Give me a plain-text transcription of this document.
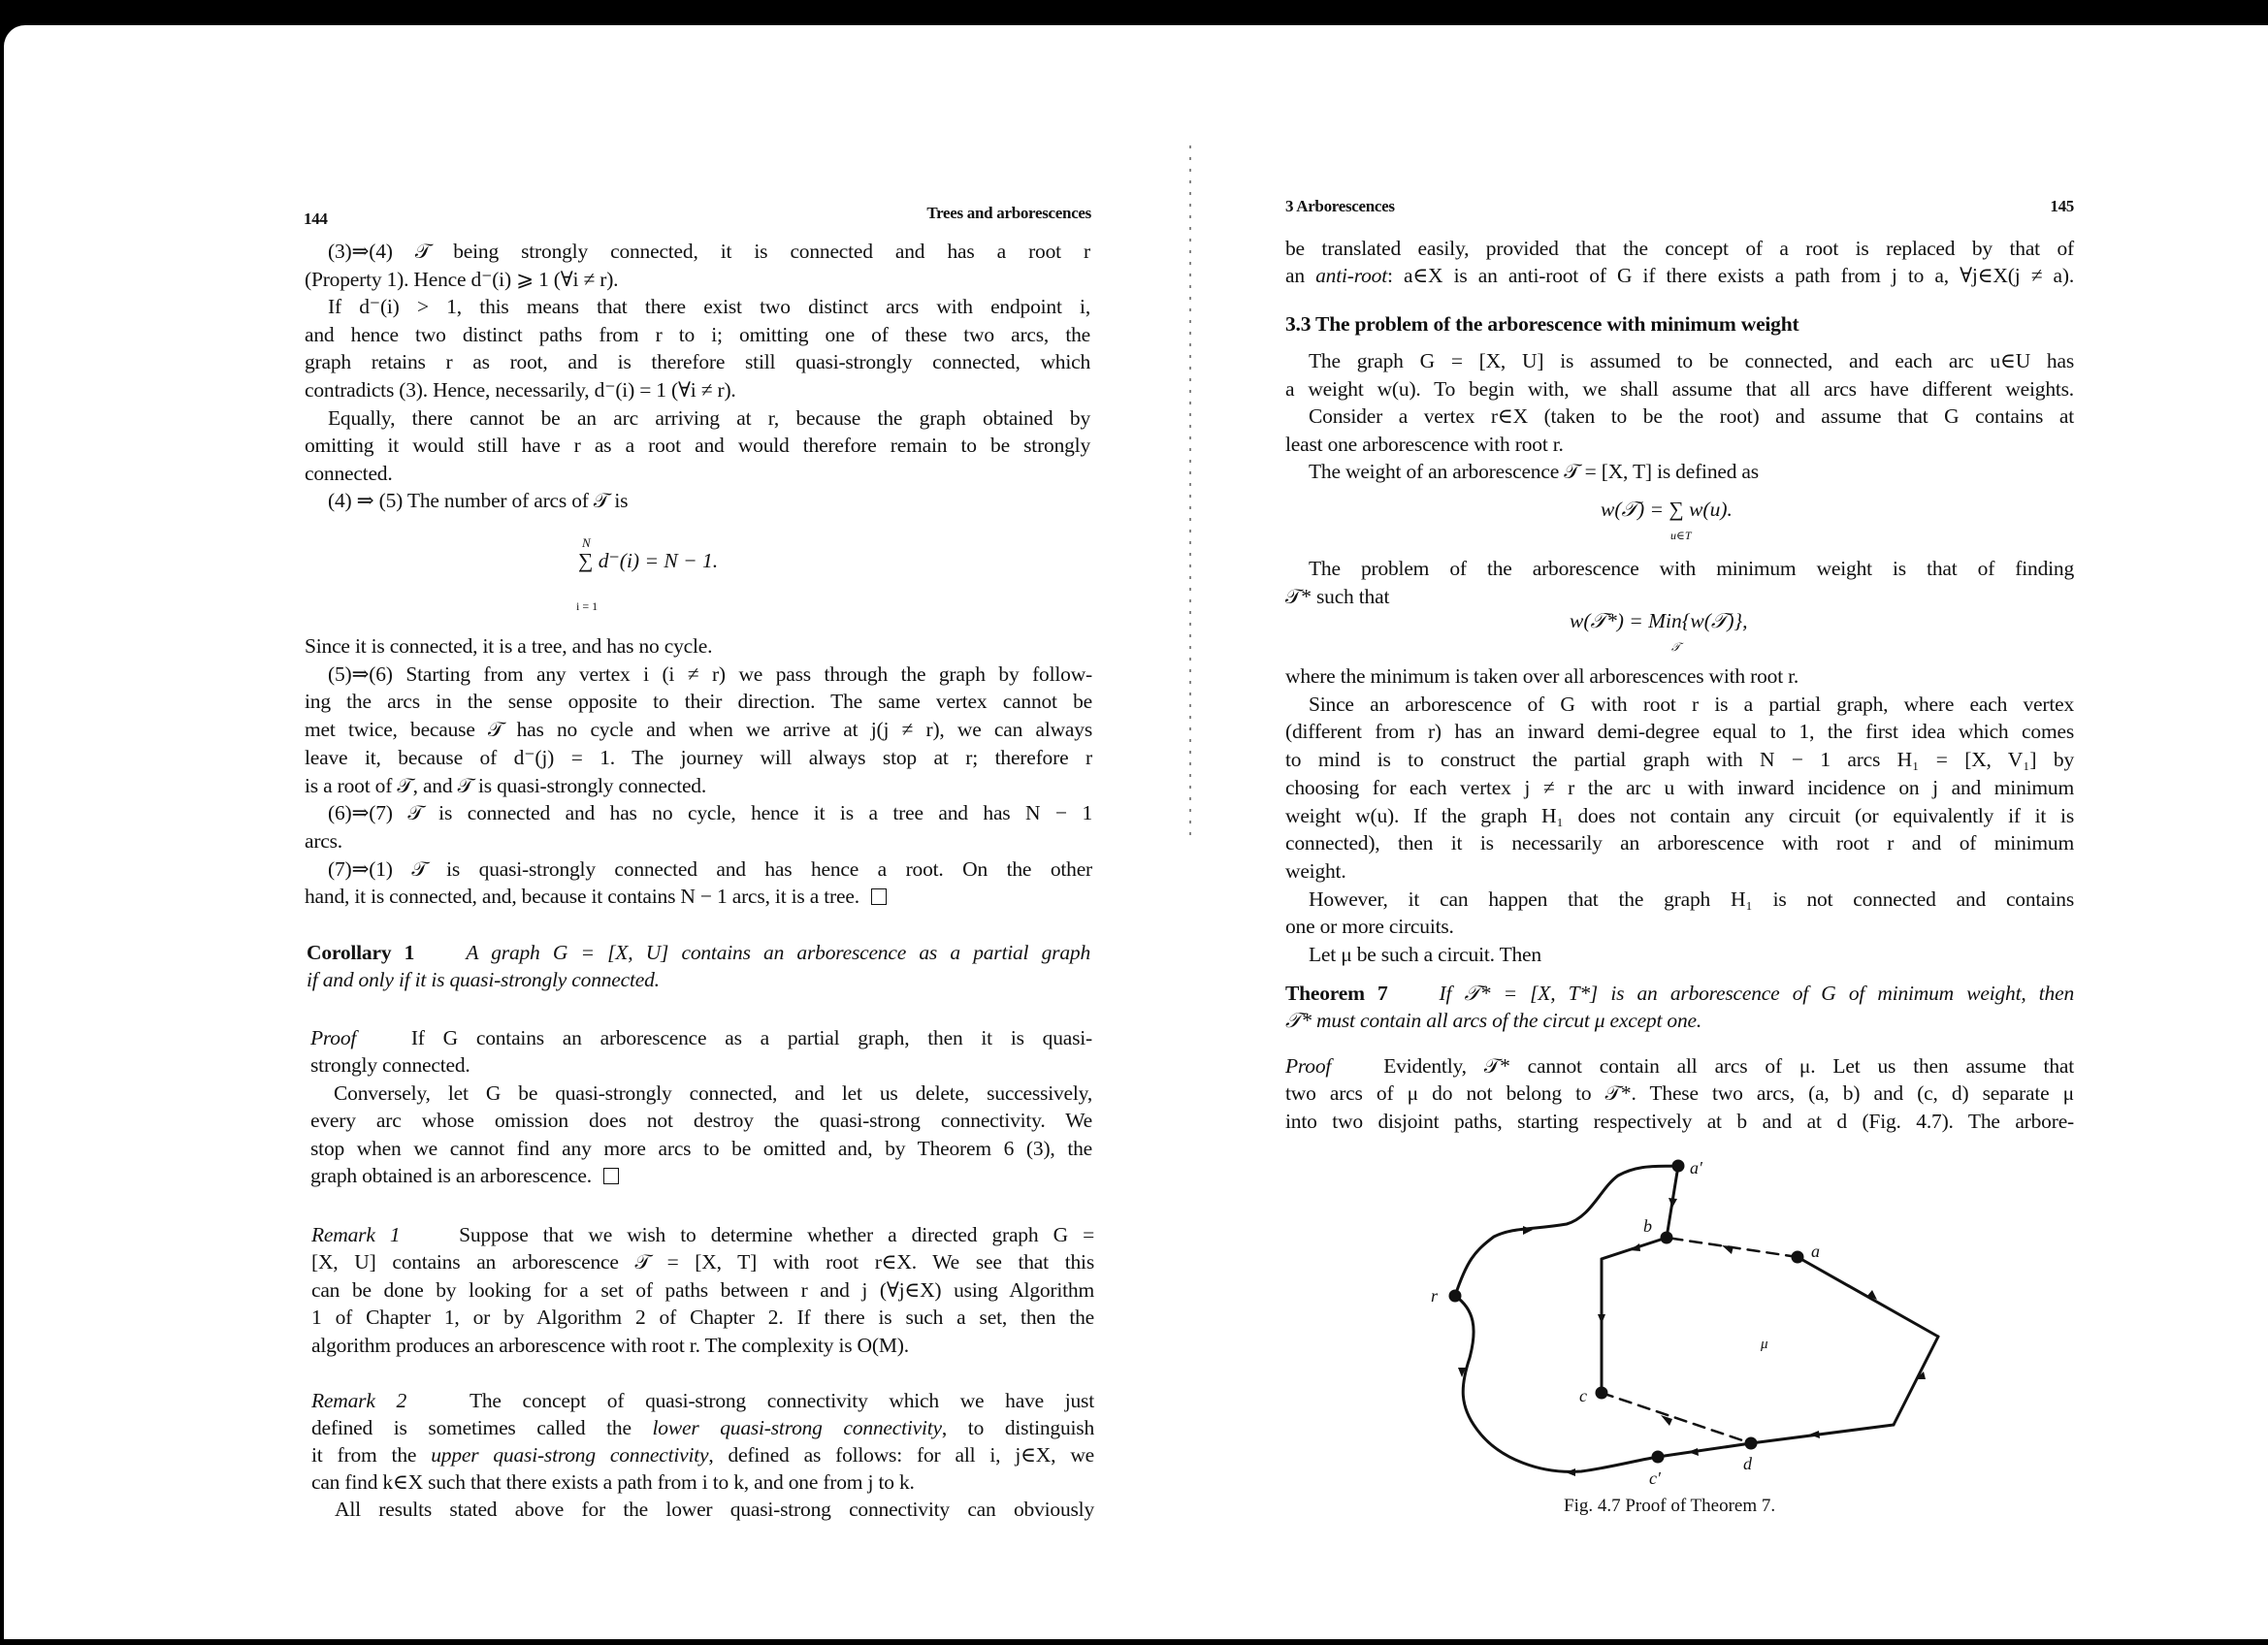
144	Trees and arborescences
(3)⇒(4) 𝒯 being strongly connected, it is connected and has a root r
(Property 1). Hence d⁻(i) ⩾ 1 (∀i ≠ r).
If d⁻(i) > 1, this means that there exist two distinct arcs with endpoint i,
and hence two distinct paths from r to i; omitting one of these two arcs, the
graph retains r as root, and is therefore still quasi-strongly connected, which
contradicts (3). Hence, necessarily, d⁻(i) = 1 (∀i ≠ r).
Equally, there cannot be an arc arriving at r, because the graph obtained by
omitting it would still have r as a root and would therefore remain to be strongly
connected.
(4) ⇒ (5) The number of arcs of 𝒯 is
N
∑ d⁻(i) = N − 1.
i = 1
Since it is connected, it is a tree, and has no cycle.
(5)⇒(6) Starting from any vertex i (i ≠ r) we pass through the graph by follow-
ing the arcs in the sense opposite to their direction. The same vertex cannot be
met twice, because 𝒯 has no cycle and when we arrive at j(j ≠ r), we can always
leave it, because of d⁻(j) = 1. The journey will always stop at r; therefore r
is a root of 𝒯, and 𝒯 is quasi-strongly connected.
(6)⇒(7) 𝒯 is connected and has no cycle, hence it is a tree and has N − 1
arcs.
(7)⇒(1) 𝒯 is quasi-strongly connected and has hence a root. On the other
hand, it is connected, and, because it contains N − 1 arcs, it is a tree.
Corollary 1 A graph G = [X, U] contains an arborescence as a partial graph
if and only if it is quasi-strongly connected.
Proof	If G contains an arborescence as a partial graph, then it is quasi-
strongly connected.
Conversely, let G be quasi-strongly connected, and let us delete, successively,
every arc whose omission does not destroy the quasi-strong connectivity. We
stop when we cannot find any more arcs to be omitted and, by Theorem 6 (3), the
graph obtained is an arborescence.
Remark 1	Suppose that we wish to determine whether a directed graph G =
[X, U] contains an arborescence 𝒯 = [X, T] with root r∈X. We see that this
can be done by looking for a set of paths between r and j (∀j∈X) using Algorithm
1 of Chapter 1, or by Algorithm 2 of Chapter 2. If there is such a set, then the
algorithm produces an arborescence with root r. The complexity is O(M).
Remark 2	The concept of quasi-strong connectivity which we have just
defined is sometimes called the lower quasi-strong connectivity, to distinguish
it from the upper quasi-strong connectivity, defined as follows: for all i, j∈X, we
can find k∈X such that there exists a path from i to k, and one from j to k.
All results stated above for the lower quasi-strong connectivity can obviously
3 Arborescences	145
be translated easily, provided that the concept of a root is replaced by that of
an anti-root: a∈X is an anti-root of G if there exists a path from j to a, ∀j∈X(j ≠ a).
3.3 The problem of the arborescence with minimum weight
The graph G = [X, U] is assumed to be connected, and each arc u∈U has
a weight w(u). To begin with, we shall assume that all arcs have different weights.
Consider a vertex r∈X (taken to be the root) and assume that G contains at
least one arborescence with root r.
The weight of an arborescence 𝒯 = [X, T] is defined as
w(𝒯) = ∑ w(u).
u∈T
The problem of the arborescence with minimum weight is that of finding
𝒯* such that
w(𝒯*) = Min{w(𝒯)},
𝒯
where the minimum is taken over all arborescences with root r.
Since an arborescence of G with root r is a partial graph, where each vertex
(different from r) has an inward demi-degree equal to 1, the first idea which comes
to mind is to construct the partial graph with N − 1 arcs H₁ = [X, V₁] by
choosing for each vertex j ≠ r the arc u with inward incidence on j and minimum
weight w(u). If the graph H₁ does not contain any circuit (or equivalently if it is
connected), then it is necessarily an arborescence with root r and of minimum
weight.
However, it can happen that the graph H₁ is not connected and contains
one or more circuits.
Let μ be such a circuit. Then
Theorem 7 If 𝒯* = [X, T*] is an arborescence of G of minimum weight, then
𝒯* must contain all arcs of the circut μ except one.
Proof	Evidently, 𝒯* cannot contain all arcs of μ. Let us then assume that
two arcs of μ do not belong to 𝒯*. These two arcs, (a, b) and (c, d) separate μ
into two disjoint paths, starting respectively at b and at d (Fig. 4.7). The arbore-
a′
b
a
r
μ
c
d
c′
Fig. 4.7 Proof of Theorem 7.
